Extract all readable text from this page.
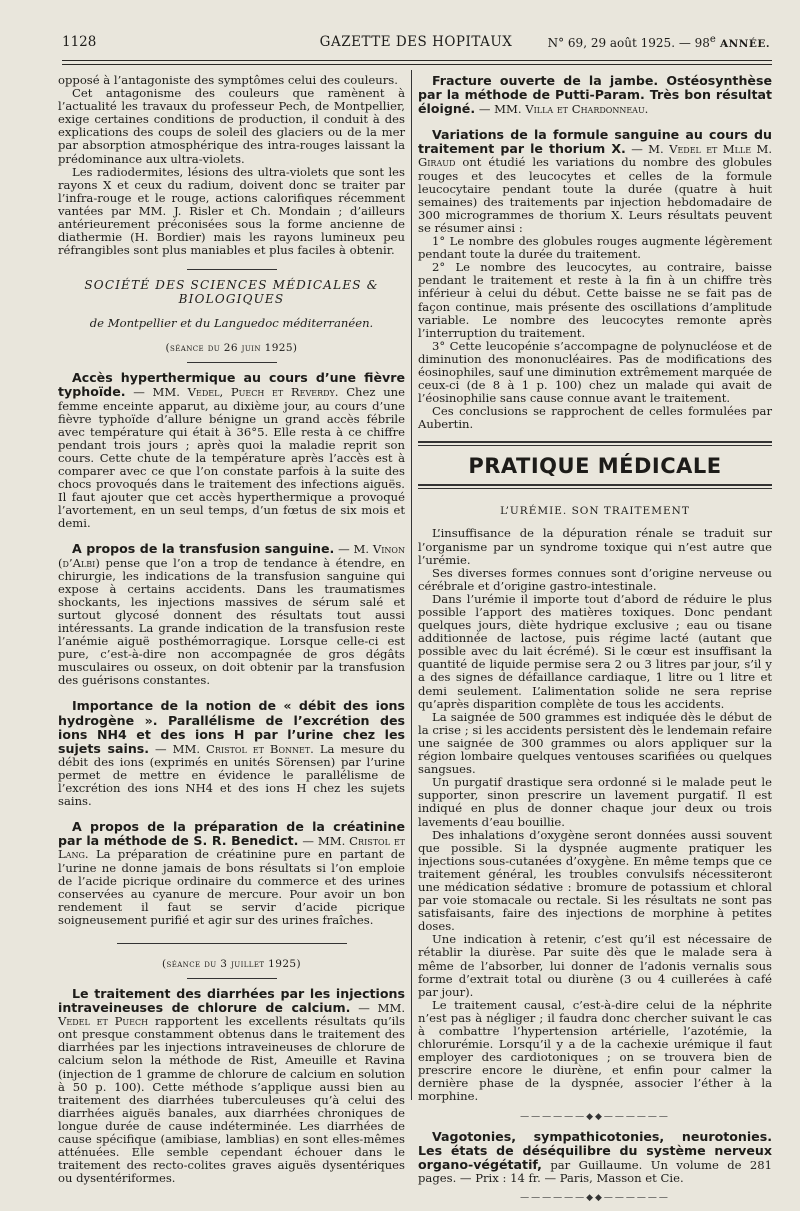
1128	GAZETTE DES HOPITAUX	N° 69, 29 août 1925. — 98e ANNÉE.

opposé à l’antagoniste des symptômes celui des couleurs.

Cet antagonisme des couleurs que ramènent à l’actualité les travaux du professeur Pech, de Montpellier, exige certaines conditions de production, il conduit à des explications des coups de soleil des glaciers ou de la mer par absorption atmosphérique des intra-rouges laissant la prédominance aux ultra-violets.

Les radiodermites, lésions des ultra-violets que sont les rayons X et ceux du radium, doivent donc se traiter par l’infra-rouge et le rouge, actions calorifiques récemment vantées par MM. J. Risler et Ch. Mondain ; d’ailleurs antérieurement préconisées sous la forme ancienne de diathermie (H. Bordier) mais les rayons lumineux peu réfrangibles sont plus maniables et plus faciles à obtenir.

SOCIÉTÉ DES SCIENCES MÉDICALES & BIOLOGIQUES
de Montpellier et du Languedoc méditerranéen.
(séance du 26 juin 1925)

Accès hyperthermique au cours d’une fièvre typhoïde. — MM. Vedel, Puech et Reverdy. Chez une femme enceinte apparut, au dixième jour, au cours d’une fièvre typhoïde d’allure bénigne un grand accès fébrile avec température qui était à 36°5. Elle resta à ce chiffre pendant trois jours ; après quoi la maladie reprit son cours. Cette chute de la température après l’accès est à comparer avec ce que l’on constate parfois à la suite des chocs provoqués dans le traitement des infections aiguës. Il faut ajouter que cet accès hyperthermique a provoqué l’avortement, en un seul temps, d’un fœtus de six mois et demi.

A propos de la transfusion sanguine. — M. Vinon (d’Albi) pense que l’on a trop de tendance à étendre, en chirurgie, les indications de la transfusion sanguine qui expose à certains accidents. Dans les traumatismes shockants, les injections massives de sérum salé et surtout glycosé donnent des résultats tout aussi intéressants. La grande indication de la transfusion reste l’anémie aiguë posthémorragique. Lorsque celle-ci est pure, c’est-à-dire non accompagnée de gros dégâts musculaires ou osseux, on doit obtenir par la transfusion des guérisons constantes.

Importance de la notion de « débit des ions hydrogène ». Parallélisme de l’excrétion des ions NH4 et des ions H par l’urine chez les sujets sains. — MM. Cristol et Bonnet. La mesure du débit des ions (exprimés en unités Sörensen) par l’urine permet de mettre en évidence le parallélisme de l’excrétion des ions NH4 et des ions H chez les sujets sains.

A propos de la préparation de la créatinine par la méthode de S. R. Benedict. — MM. Cristol et Lang. La préparation de créatinine pure en partant de l’urine ne donne jamais de bons résultats si l’on emploie de l’acide picrique ordinaire du commerce et des urines conservées au cyanure de mercure. Pour avoir un bon rendement il faut se servir d’acide picrique soigneusement purifié et agir sur des urines fraîches.

(séance du 3 juillet 1925)

Le traitement des diarrhées par les injections intraveineuses de chlorure de calcium. — MM. Vedel et Puech rapportent les excellents résultats qu’ils ont presque constamment obtenus dans le traitement des diarrhées par les injections intraveineuses de chlorure de calcium selon la méthode de Rist, Ameuille et Ravina (injection de 1 gramme de chlorure de calcium en solution à 50 p. 100). Cette méthode s’applique aussi bien au traitement des diarrhées tuberculeuses qu’à celui des diarrhées aiguës banales, aux diarrhées chroniques de longue durée de cause indéterminée. Les diarrhées de cause spécifique (amibiase, lamblias) en sont elles-mêmes atténuées. Elle semble cependant échouer dans le traitement des recto-colites graves aiguës dysentériques ou dysentériformes.

Fracture ouverte de la jambe. Ostéosynthèse par la méthode de Putti-Param. Très bon résultat éloigné. — MM. Villa et Chardonneau.

Variations de la formule sanguine au cours du traitement par le thorium X. — M. Vedel et Mlle M. Giraud ont étudié les variations du nombre des globules rouges et des leucocytes et celles de la formule leucocytaire pendant toute la durée (quatre à huit semaines) des traitements par injection hebdomadaire de 300 microgrammes de thorium X. Leurs résultats peuvent se résumer ainsi :

1° Le nombre des globules rouges augmente légèrement pendant toute la durée du traitement.

2° Le nombre des leucocytes, au contraire, baisse pendant le traitement et reste à la fin à un chiffre très inférieur à celui du début. Cette baisse ne se fait pas de façon continue, mais présente des oscillations d’amplitude variable. Le nombre des leucocytes remonte après l’interruption du traitement.

3° Cette leucopénie s’accompagne de polynucléose et de diminution des mononucléaires. Pas de modifications des éosinophiles, sauf une diminution extrêmement marquée de ceux-ci (de 8 à 1 p. 100) chez un malade qui avait de l’éosinophilie sans cause connue avant le traitement.

Ces conclusions se rapprochent de celles formulées par Aubertin.

PRATIQUE MÉDICALE
L’URÉMIE. SON TRAITEMENT

L’insuffisance de la dépuration rénale se traduit sur l’organisme par un syndrome toxique qui n’est autre que l’urémie.

Ses diverses formes connues sont d’origine nerveuse ou cérébrale et d’origine gastro-intestinale.

Dans l’urémie il importe tout d’abord de réduire le plus possible l’apport des matières toxiques. Donc pendant quelques jours, diète hydrique exclusive ; eau ou tisane additionnée de lactose, puis régime lacté (autant que possible avec du lait écrémé). Si le cœur est insuffisant la quantité de liquide permise sera 2 ou 3 litres par jour, s’il y a des signes de défaillance cardiaque, 1 litre ou 1 litre et demi seulement. L’alimentation solide ne sera reprise qu’après disparition complète de tous les accidents.

La saignée de 500 grammes est indiquée dès le début de la crise ; si les accidents persistent dès le lendemain refaire une saignée de 300 grammes ou alors appliquer sur la région lombaire quelques ventouses scarifiées ou quelques sangsues.

Un purgatif drastique sera ordonné si le malade peut le supporter, sinon prescrire un lavement purgatif. Il est indiqué en plus de donner chaque jour deux ou trois lavements d’eau bouillie.

Des inhalations d’oxygène seront données aussi souvent que possible. Si la dyspnée augmente pratiquer les injections sous-cutanées d’oxygène. En même temps que ce traitement général, les troubles convulsifs nécessiteront une médication sédative : bromure de potassium et chloral par voie stomacale ou rectale. Si les résultats ne sont pas satisfaisants, faire des injections de morphine à petites doses.

Une indication à retenir, c’est qu’il est nécessaire de rétablir la diurèse. Par suite dès que le malade sera à même de l’absorber, lui donner de l’adonis vernalis sous forme d’extrait total ou diurène (3 ou 4 cuillerées à café par jour).

Le traitement causal, c’est-à-dire celui de la néphrite n’est pas à négliger ; il faudra donc chercher suivant le cas à combattre l’hypertension artérielle, l’azotémie, la chlorurémie. Lorsqu’il y a de la cachexie urémique il faut employer des cardiotoniques ; on se trouvera bien de prescrire encore le diurène, et enfin pour calmer la dernière phase de la dyspnée, associer l’éther à la morphine.

——————◆◆——————

Vagotonies, sympathicotonies, neurotonies. Les états de déséquilibre du système nerveux organo-végétatif, par Guillaume. Un volume de 281 pages. — Prix : 14 fr. — Paris, Masson et Cie.

——————◆◆——————
